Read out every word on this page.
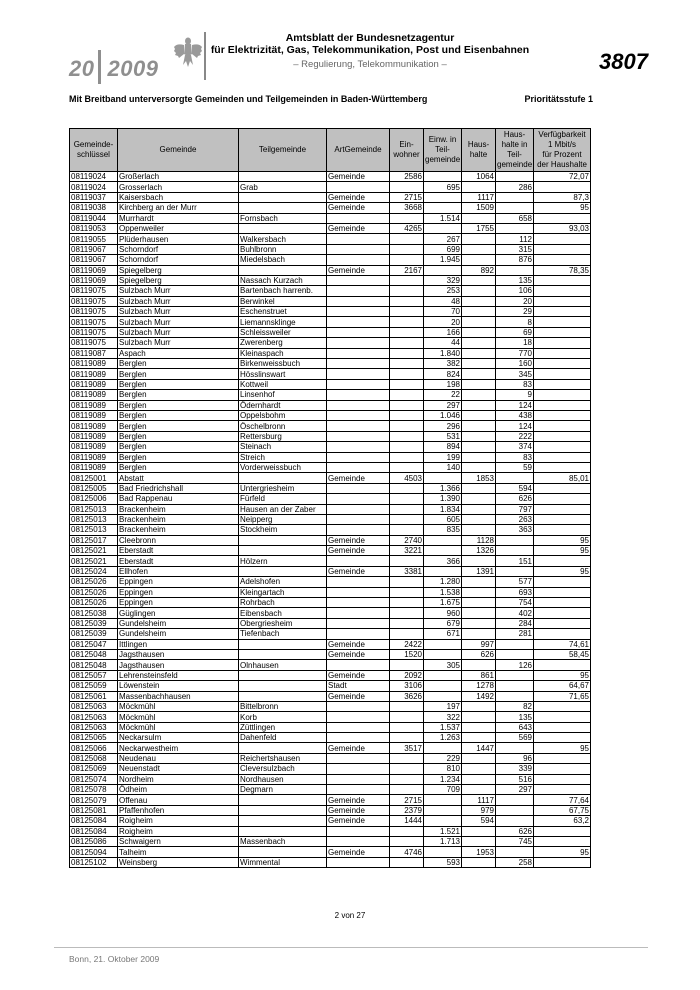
20 2009
Amtsblatt der Bundesnetzagentur
für Elektrizität, Gas, Telekommunikation, Post und Eisenbahnen
– Regulierung, Telekommunikation –	3807
Mit Breitband unterversorgte Gemeinden und Teilgemeinden in Baden-Württemberg	Prioritätsstufe 1
Gemeinde-
schlüssel	Gemeinde	Teilgemeinde	ArtGemeinde	Ein-
wohner	Einw. in
Teil-
gemeinde	Haus-
halte	Haus-
halte in
Teil-
gemeinde	Verfügbarkeit
1 Mbit/s
für Prozent
der Haushalte
08119024	Großerlach		Gemeinde	2586		1064		72,07
08119024	Grosserlach	Grab			695		286	
08119037	Kaisersbach		Gemeinde	2715		1117		87,3
08119038	Kirchberg an der Murr		Gemeinde	3668		1509		95
08119044	Murrhardt	Fornsbach			1.514		658	
08119053	Oppenweiler		Gemeinde	4265		1755		93,03
08119055	Plüderhausen	Walkersbach			267		112	
08119067	Schorndorf	Buhlbronn			699		315	
08119067	Schorndorf	Miedelsbach			1.945		876	
08119069	Spiegelberg		Gemeinde	2167		892		78,35
08119069	Spiegelberg	Nassach Kurzach			329		135	
08119075	Sulzbach Murr	Bartenbach harrenb.			253		106	
08119075	Sulzbach Murr	Berwinkel			48		20	
08119075	Sulzbach Murr	Eschenstruet			70		29	
08119075	Sulzbach Murr	Liemannsklinge			20		8	
08119075	Sulzbach Murr	Schleissweiler			166		69	
08119075	Sulzbach Murr	Zwerenberg			44		18	
08119087	Aspach	Kleinaspach			1.840		770	
08119089	Berglen	Birkenweissbuch			382		160	
08119089	Berglen	Hösslinswart			824		345	
08119089	Berglen	Kottweil			198		83	
08119089	Berglen	Linsenhof			22		9	
08119089	Berglen	Ödernhardt			297		124	
08119089	Berglen	Oppelsbohm			1.046		438	
08119089	Berglen	Öschelbronn			296		124	
08119089	Berglen	Rettersburg			531		222	
08119089	Berglen	Steinach			894		374	
08119089	Berglen	Streich			199		83	
08119089	Berglen	Vorderweissbuch			140		59	
08125001	Abstatt		Gemeinde	4503		1853		85,01
08125005	Bad Friedrichshall	Untergriesheim			1.366		594	
08125006	Bad Rappenau	Fürfeld			1.390		626	
08125013	Brackenheim	Hausen an der Zaber			1.834		797	
08125013	Brackenheim	Neipperg			605		263	
08125013	Brackenheim	Stockheim			835		363	
08125017	Cleebronn		Gemeinde	2740		1128		95
08125021	Eberstadt		Gemeinde	3221		1326		95
08125021	Eberstadt	Hölzern			366		151	
08125024	Ellhofen		Gemeinde	3381		1391		95
08125026	Eppingen	Adelshofen			1.280		577	
08125026	Eppingen	Kleingartach			1.538		693	
08125026	Eppingen	Rohrbach			1.675		754	
08125038	Güglingen	Eibensbach			960		402	
08125039	Gundelsheim	Obergriesheim			679		284	
08125039	Gundelsheim	Tiefenbach			671		281	
08125047	Ittlingen		Gemeinde	2422		997		74,61
08125048	Jagsthausen		Gemeinde	1520		626		58,45
08125048	Jagsthausen	Olnhausen			305		126	
08125057	Lehrensteinsfeld		Gemeinde	2092		861		95
08125059	Löwenstein		Stadt	3106		1278		64,67
08125061	Massenbachhausen		Gemeinde	3626		1492		71,65
08125063	Möckmühl	Bittelbronn			197		82	
08125063	Möckmühl	Korb			322		135	
08125063	Möckmühl	Züttlingen			1.537		643	
08125065	Neckarsulm	Dahenfeld			1.263		569	
08125066	Neckarwestheim		Gemeinde	3517		1447		95
08125068	Neudenau	Reichertshausen			229		96	
08125069	Neuenstadt	Cleversulzbach			810		339	
08125074	Nordheim	Nordhausen			1.234		516	
08125078	Ödheim	Degmarn			709		297	
08125079	Offenau		Gemeinde	2715		1117		77,64
08125081	Pfaffenhofen		Gemeinde	2379		979		67,75
08125084	Roigheim		Gemeinde	1444		594		63,2
08125084	Roigheim				1.521		626	
08125086	Schwaigern	Massenbach			1.713		745	
08125094	Talheim		Gemeinde	4746		1953		95
08125102	Weinsberg	Wimmental			593		258	
2 von 27
Bonn, 21. Oktober 2009
